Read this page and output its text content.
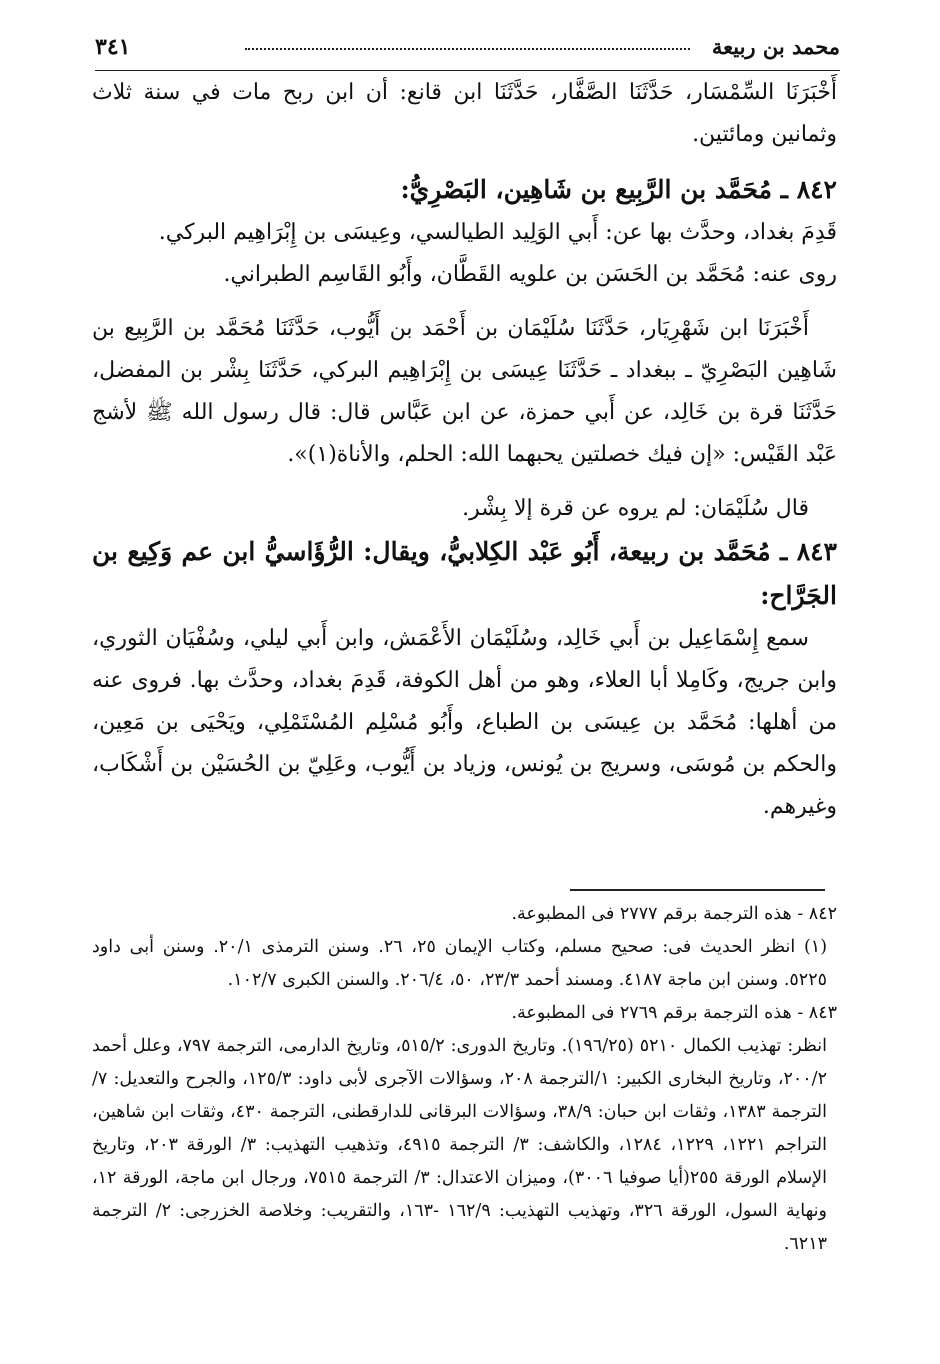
محمد بن ربيعة
٣٤١

أَخْبَرَنَا السِّمْسَار، حَدَّثَنَا الصَّفَّار، حَدَّثَنَا ابن قانع: أن ابن ربح مات في سنة ثلاث وثمانين ومائتين.

٨٤٢ ـ مُحَمَّد بن الرَّبِيع بن شَاهِين، البَصْرِيُّ:

قَدِمَ بغداد، وحدَّث بها عن: أَبي الوَلِيد الطيالسي، وعِيسَى بن إِبْرَاهِيم البركي.

روى عنه: مُحَمَّد بن الحَسَن بن علويه القَطَّان، وأَبُو القَاسِم الطبراني.

أَخْبَرَنَا ابن شَهْرِيَار، حَدَّثَنَا سُلَيْمَان بن أَحْمَد بن أَيُّوب، حَدَّثَنَا مُحَمَّد بن الرَّبِيع بن شَاهِين البَصْرِيّ ـ ببغداد ـ حَدَّثَنَا عِيسَى بن إِبْرَاهِيم البركي، حَدَّثَنَا بِشْر بن المفضل، حَدَّثَنَا قرة بن خَالِد، عن أَبي حمزة، عن ابن عَبَّاس قال: قال رسول الله ﷺ لأشج عَبْد القَيْس: «إن فيك خصلتين يحبهما الله: الحلم، والأناة(١)».

قال سُلَيْمَان: لم يروه عن قرة إلا بِشْر.

٨٤٣ ـ مُحَمَّد بن ربيعة، أَبُو عَبْد الكِلابيُّ، ويقال: الرُّؤَاسيُّ ابن عم وَكِيع بن الجَرَّاح:

سمع إِسْمَاعِيل بن أَبي خَالِد، وسُلَيْمَان الأَعْمَش، وابن أَبي ليلي، وسُفْيَان الثوري، وابن جريج، وكَامِلا أبا العلاء، وهو من أهل الكوفة، قَدِمَ بغداد، وحدَّث بها. فروى عنه من أهلها: مُحَمَّد بن عِيسَى بن الطباع، وأَبُو مُسْلِم المُسْتَمْلِي، ويَحْيَى بن مَعِين، والحكم بن مُوسَى، وسريج بن يُونس، وزياد بن أَيُّوب، وعَلِيّ بن الحُسَيْن بن أَشْكَاب، وغيرهم.

٨٤٢ - هذه الترجمة برقم ٢٧٧٧ فى المطبوعة.

(١) انظر الحديث فى: صحيح مسلم، وكتاب الإيمان ٢٥، ٢٦. وسنن الترمذى ٢٠/١. وسنن أبى داود ٥٢٢٥. وسنن ابن ماجة ٤١٨٧. ومسند أحمد ٢٣/٣، ٥٠، ٢٠٦/٤. والسنن الكبرى ١٠٢/٧.

٨٤٣ - هذه الترجمة برقم ٢٧٦٩ فى المطبوعة.

انظر: تهذيب الكمال ٥٢١٠ (١٩٦/٢٥). وتاريخ الدورى: ٥١٥/٢، وتاريخ الدارمى، الترجمة ٧٩٧، وعلل أحمد ٢٠٠/٢، وتاريخ البخارى الكبير: ١/الترجمة ٢٠٨، وسؤالات الآجرى لأبى داود: ١٢٥/٣، والجرح والتعديل: ٧/ الترجمة ١٣٨٣، وثقات ابن حبان: ٣٨/٩، وسؤالات البرقانى للدارقطنى، الترجمة ٤٣٠، وثقات ابن شاهين، التراجم ١٢٢١، ١٢٢٩، ١٢٨٤، والكاشف: ٣/ الترجمة ٤٩١٥، وتذهيب التهذيب: ٣/ الورقة ٢٠٣، وتاريخ الإسلام الورقة ٢٥٥(أيا صوفيا ٣٠٠٦)، وميزان الاعتدال: ٣/ الترجمة ٧٥١٥، ورجال ابن ماجة، الورقة ١٢، ونهاية السول، الورقة ٣٢٦، وتهذيب التهذيب: ١٦٢/٩ -١٦٣، والتقريب: وخلاصة الخزرجى: ٢/ الترجمة ٦٢١٣.
